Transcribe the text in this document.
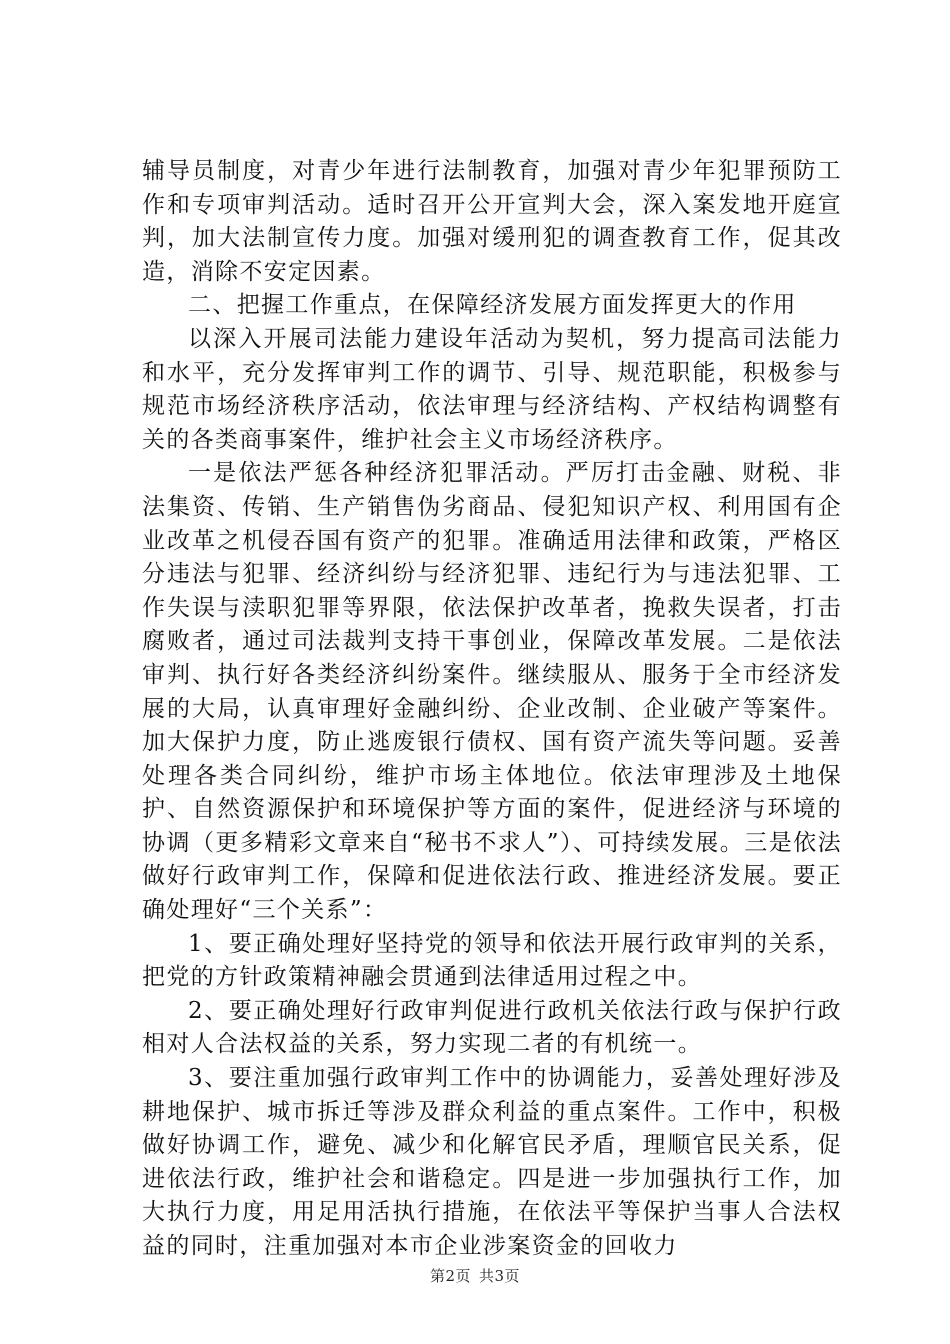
辅导员制度，对青少年进行法制教育，加强对青少年犯罪预防工作和专项审判活动。适时召开公开宣判大会，深入案发地开庭宣判，加大法制宣传力度。加强对缓刑犯的调查教育工作，促其改造，消除不安定因素。

二、把握工作重点，在保障经济发展方面发挥更大的作用

以深入开展司法能力建设年活动为契机，努力提高司法能力和水平，充分发挥审判工作的调节、引导、规范职能，积极参与规范市场经济秩序活动，依法审理与经济结构、产权结构调整有关的各类商事案件，维护社会主义市场经济秩序。

一是依法严惩各种经济犯罪活动。严厉打击金融、财税、非法集资、传销、生产销售伪劣商品、侵犯知识产权、利用国有企业改革之机侵吞国有资产的犯罪。准确适用法律和政策，严格区分违法与犯罪、经济纠纷与经济犯罪、违纪行为与违法犯罪、工作失误与渎职犯罪等界限，依法保护改革者，挽救失误者，打击腐败者，通过司法裁判支持干事创业，保障改革发展。二是依法审判、执行好各类经济纠纷案件。继续服从、服务于全市经济发展的大局，认真审理好金融纠纷、企业改制、企业破产等案件。加大保护力度，防止逃废银行债权、国有资产流失等问题。妥善处理各类合同纠纷，维护市场主体地位。依法审理涉及土地保护、自然资源保护和环境保护等方面的案件，促进经济与环境的协调（更多精彩文章来自“秘书不求人”）、可持续发展。三是依法做好行政审判工作，保障和促进依法行政、推进经济发展。要正确处理好“三个关系”：

1、要正确处理好坚持党的领导和依法开展行政审判的关系，把党的方针政策精神融会贯通到法律适用过程之中。

2、要正确处理好行政审判促进行政机关依法行政与保护行政相对人合法权益的关系，努力实现二者的有机统一。

3、要注重加强行政审判工作中的协调能力，妥善处理好涉及耕地保护、城市拆迁等涉及群众利益的重点案件。工作中，积极做好协调工作，避免、减少和化解官民矛盾，理顺官民关系，促进依法行政，维护社会和谐稳定。四是进一步加强执行工作，加大执行力度，用足用活执行措施，在依法平等保护当事人合法权益的同时，注重加强对本市企业涉案资金的回收力

第2页 共3页
